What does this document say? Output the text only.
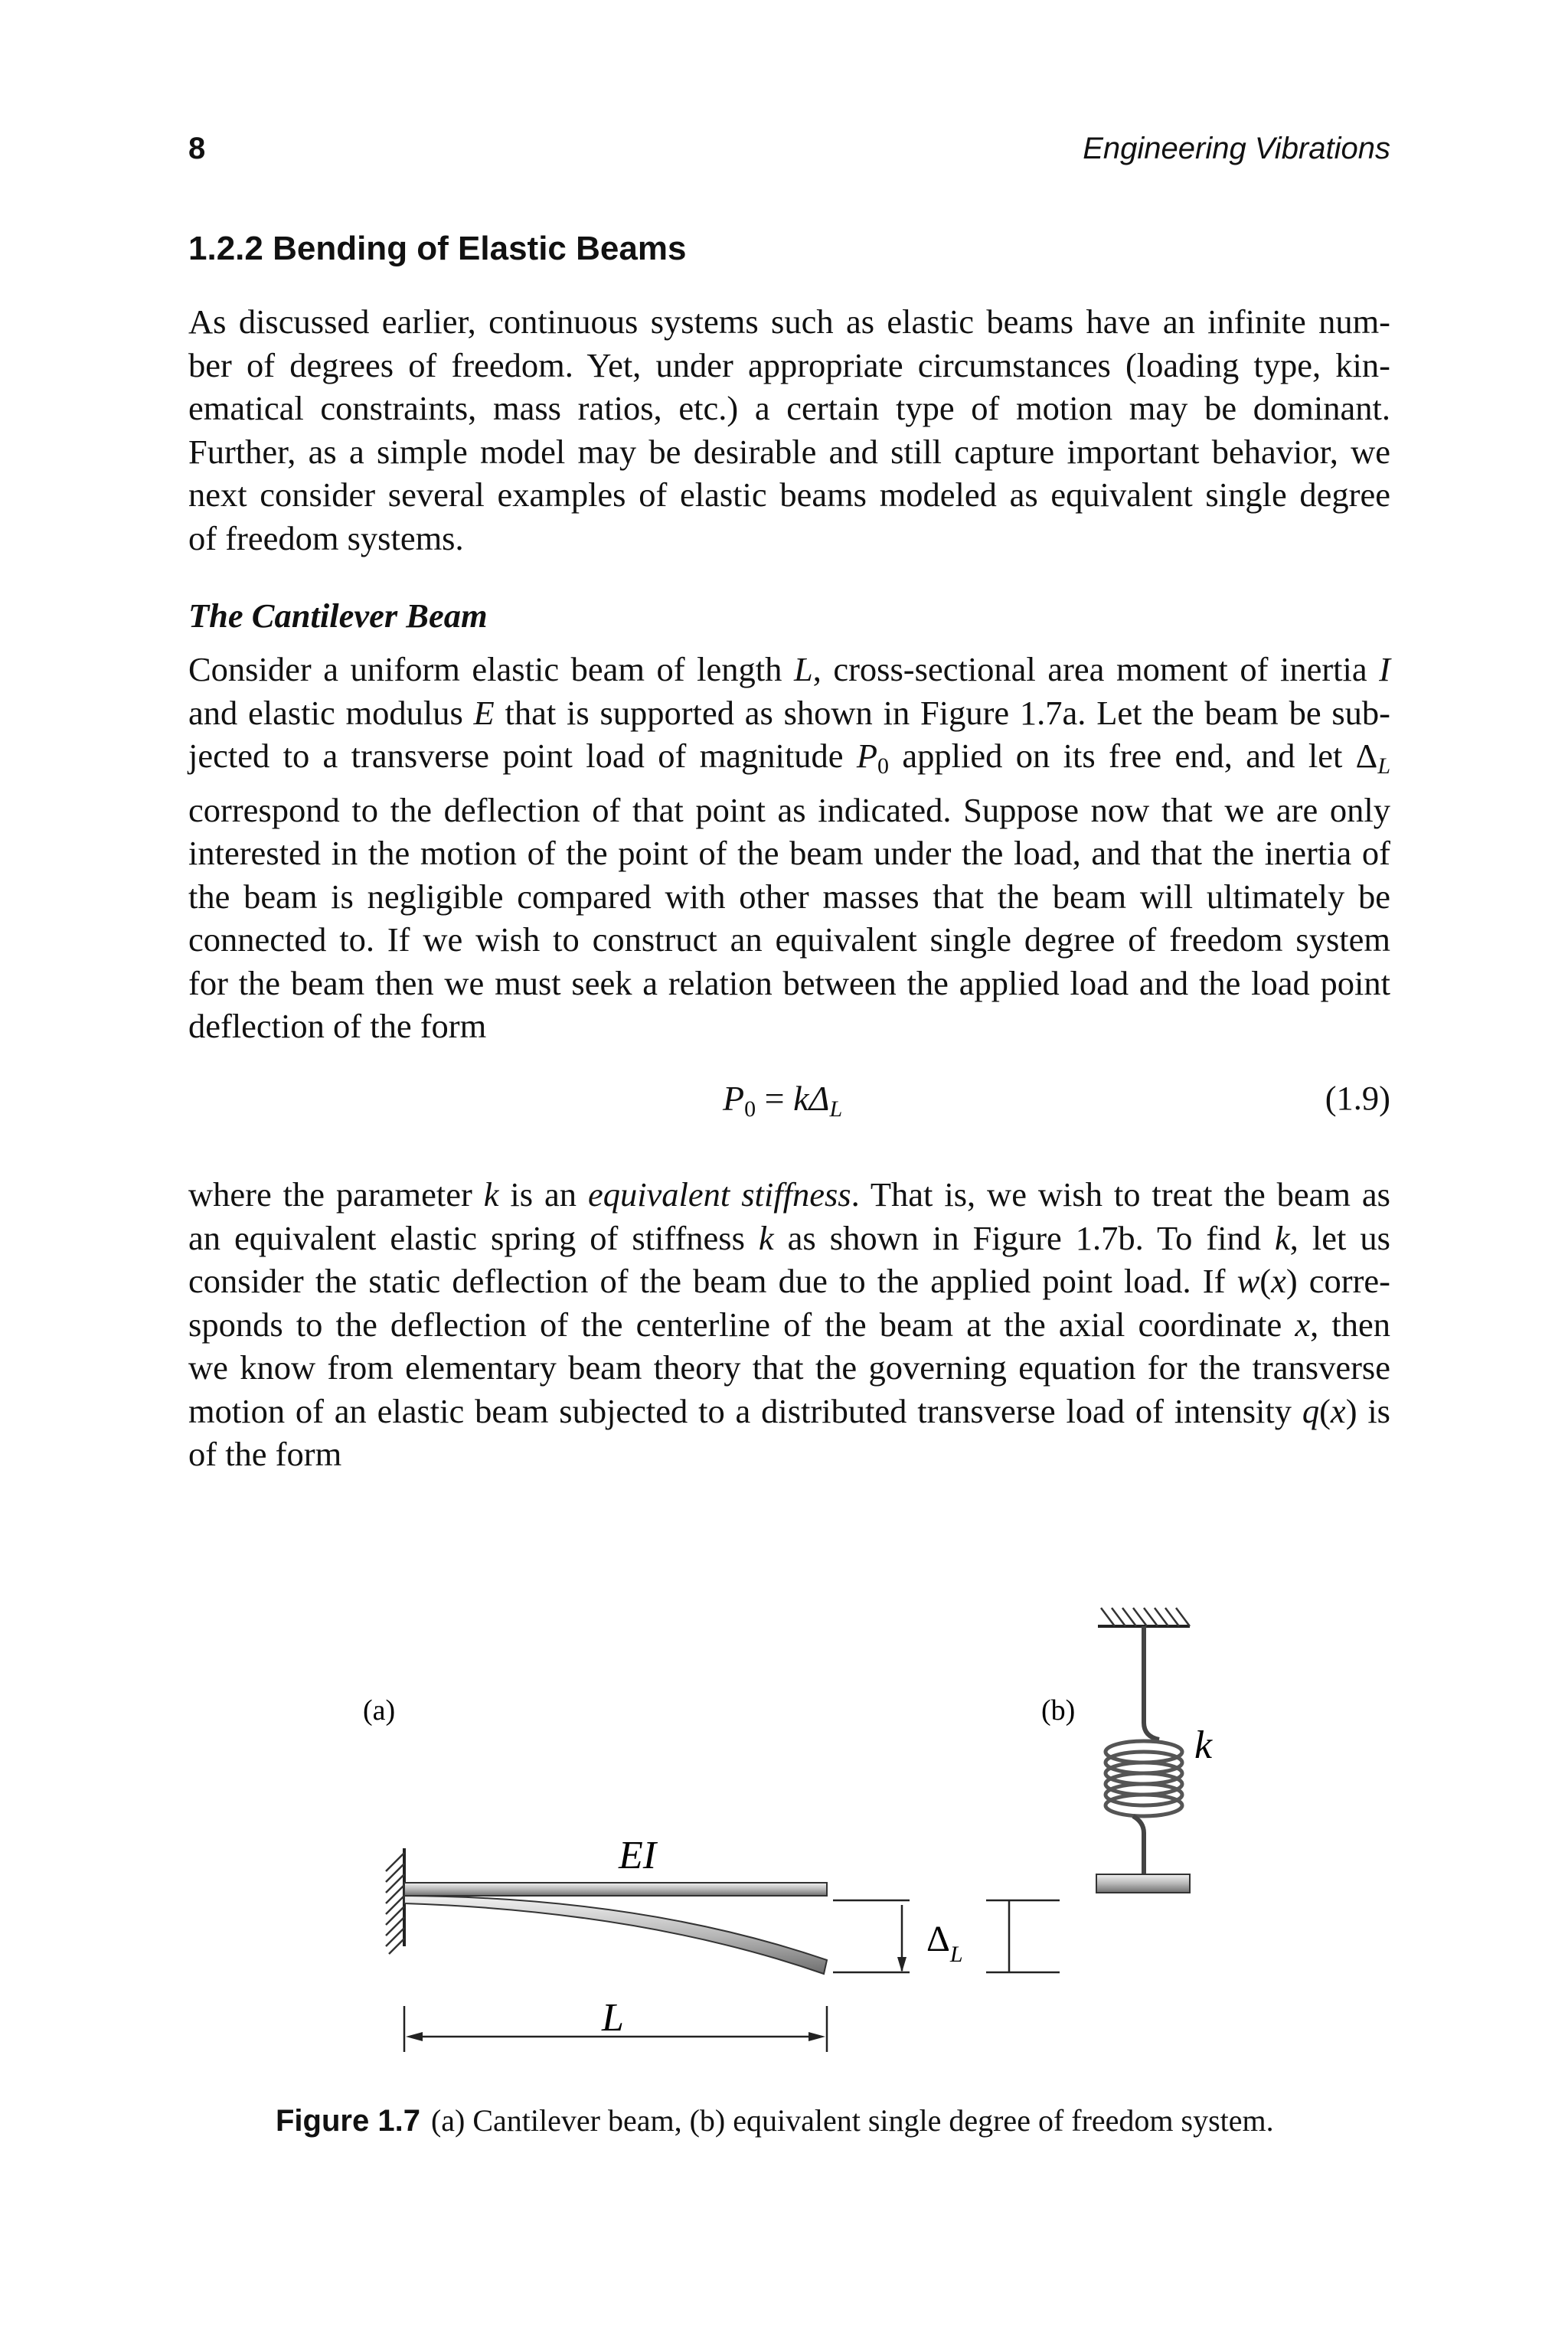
8	Engineering Vibrations
1.2.2 Bending of Elastic Beams
As discussed earlier, continuous systems such as elastic beams have an infinite num-
ber of degrees of freedom. Yet, under appropriate circumstances (loading type, kin-
ematical constraints, mass ratios, etc.) a certain type of motion may be dominant.
Further, as a simple model may be desirable and still capture important behavior, we
next consider several examples of elastic beams modeled as equivalent single degree
of freedom systems.
The Cantilever Beam
Consider a uniform elastic beam of length L, cross-sectional area moment of inertia I
and elastic modulus E that is supported as shown in Figure 1.7a. Let the beam be sub-
jected to a transverse point load of magnitude $P_0$ applied on its free end, and let $\Delta_L$
correspond to the deflection of that point as indicated. Suppose now that we are only
interested in the motion of the point of the beam under the load, and that the inertia of
the beam is negligible compared with other masses that the beam will ultimately be
connected to. If we wish to construct an equivalent single degree of freedom system
for the beam then we must seek a relation between the applied load and the load point
deflection of the form
$P_0 = k\Delta_L$	(1.9)
where the parameter k is an equivalent stiffness. That is, we wish to treat the beam as
an equivalent elastic spring of stiffness k as shown in Figure 1.7b. To find k, let us
consider the static deflection of the beam due to the applied point load. If w(x) corre-
sponds to the deflection of the centerline of the beam at the axial coordinate x, then
we know from elementary beam theory that the governing equation for the transverse
motion of an elastic beam subjected to a distributed transverse load of intensity q(x) is
of the form
(a)	(b)
EI
$\Delta_L$
L
k
Figure 1.7 (a) Cantilever beam, (b) equivalent single degree of freedom system.
